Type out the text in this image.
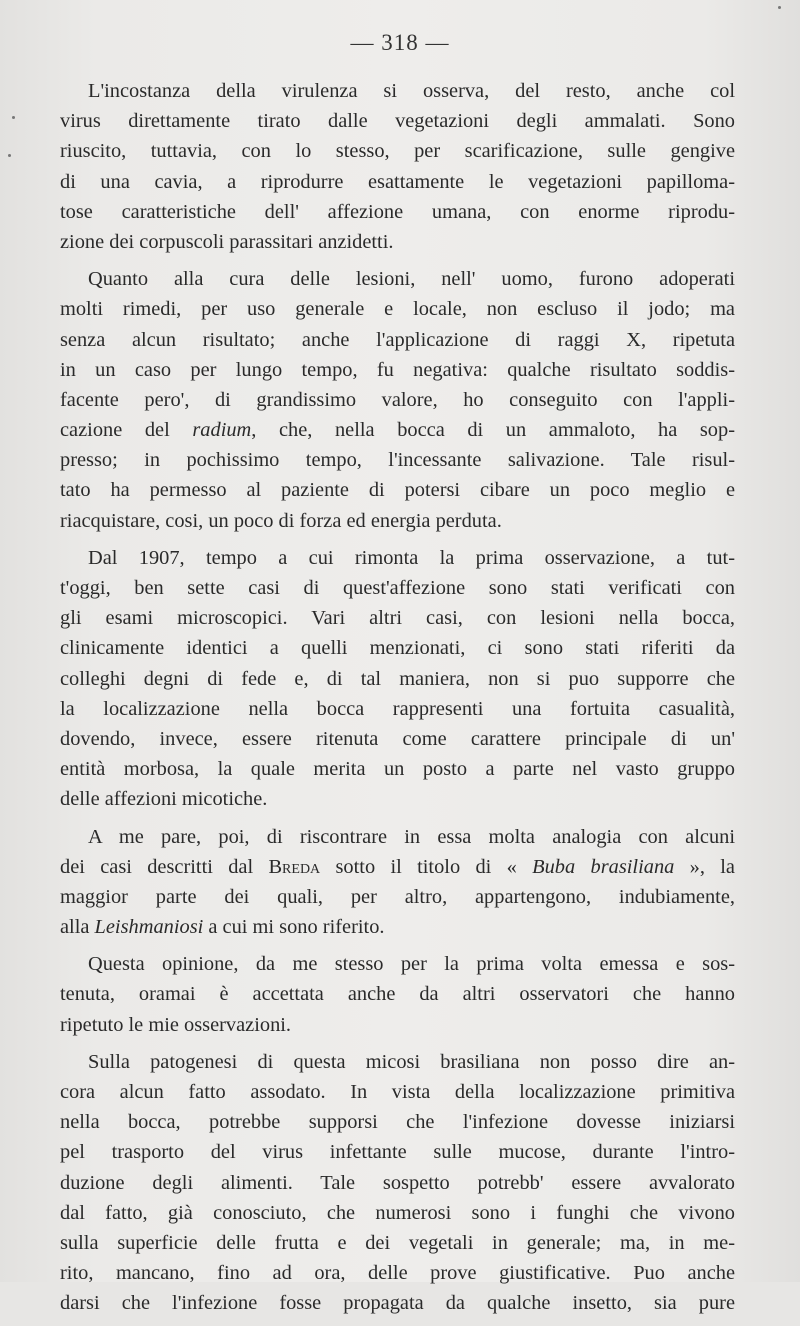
— 318 —
L'incostanza della virulenza si osserva, del resto, anche col
virus direttamente tirato dalle vegetazioni degli ammalati. Sono
riuscito, tuttavia, con lo stesso, per scarificazione, sulle gengive
di una cavia, a riprodurre esattamente le vegetazioni papilloma-
tose caratteristiche dell' affezione umana, con enorme riprodu-
zione dei corpuscoli parassitari anzidetti.
Quanto alla cura delle lesioni, nell' uomo, furono adoperati
molti rimedi, per uso generale e locale, non escluso il jodo; ma
senza alcun risultato; anche l'applicazione di raggi X, ripetuta
in un caso per lungo tempo, fu negativa: qualche risultato soddis-
facente pero', di grandissimo valore, ho conseguito con l'appli-
cazione del radium, che, nella bocca di un ammaloto, ha sop-
presso; in pochissimo tempo, l'incessante salivazione. Tale risul-
tato ha permesso al paziente di potersi cibare un poco meglio e
riacquistare, cosi, un poco di forza ed energia perduta.
Dal 1907, tempo a cui rimonta la prima osservazione, a tut-
t'oggi, ben sette casi di quest'affezione sono stati verificati con
gli esami microscopici. Vari altri casi, con lesioni nella bocca,
clinicamente identici a quelli menzionati, ci sono stati riferiti da
colleghi degni di fede e, di tal maniera, non si puo supporre che
la localizzazione nella bocca rappresenti una fortuita casualità,
dovendo, invece, essere ritenuta come carattere principale di un'
entità morbosa, la quale merita un posto a parte nel vasto gruppo
delle affezioni micotiche.
A me pare, poi, di riscontrare in essa molta analogia con alcuni
dei casi descritti dal Breda sotto il titolo di « Buba brasiliana », la
maggior parte dei quali, per altro, appartengono, indubiamente,
alla Leishmaniosi a cui mi sono riferito.
Questa opinione, da me stesso per la prima volta emessa e sos-
tenuta, oramai è accettata anche da altri osservatori che hanno
ripetuto le mie osservazioni.
Sulla patogenesi di questa micosi brasiliana non posso dire an-
cora alcun fatto assodato. In vista della localizzazione primitiva
nella bocca, potrebbe supporsi che l'infezione dovesse iniziarsi
pel trasporto del virus infettante sulle mucose, durante l'intro-
duzione degli alimenti. Tale sospetto potrebb' essere avvalorato
dal fatto, già conosciuto, che numerosi sono i funghi che vivono
sulla superficie delle frutta e dei vegetali in generale; ma, in me-
rito, mancano, fino ad ora, delle prove giustificative. Puo anche
darsi che l'infezione fosse propagata da qualche insetto, sia pure
